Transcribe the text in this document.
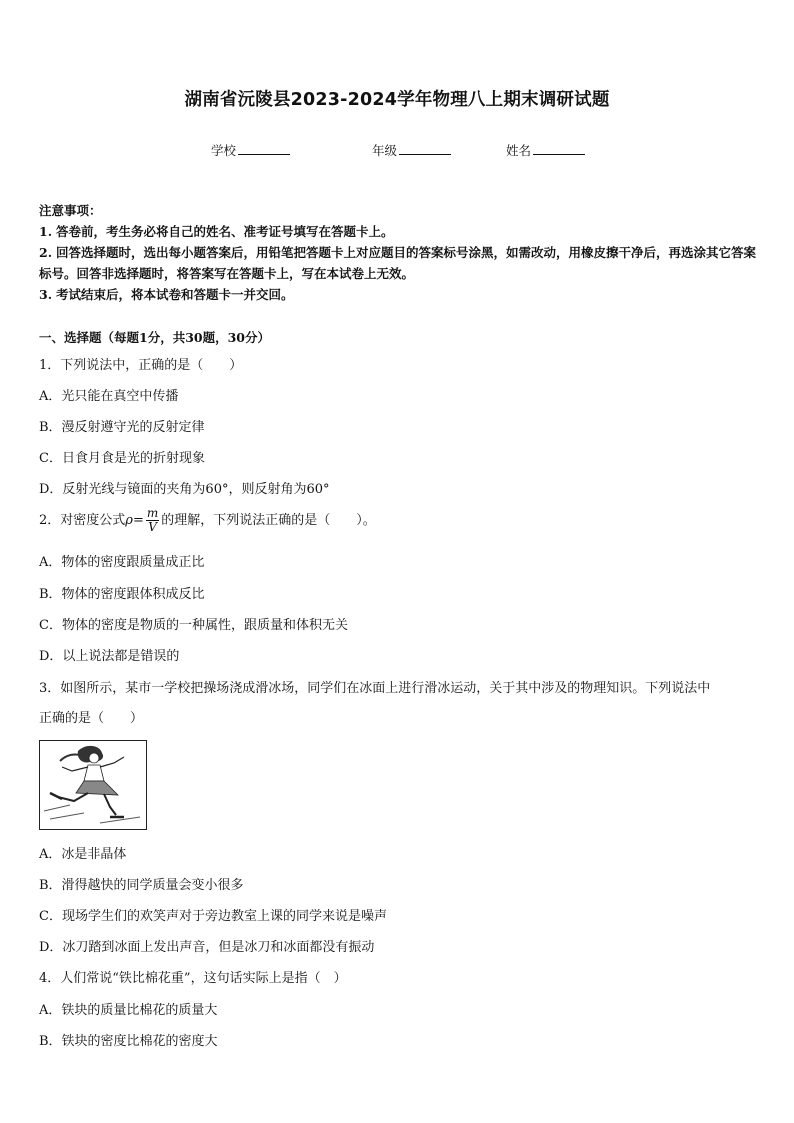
湖南省沅陵县2023-2024学年物理八上期末调研试题
学校	年级	姓名
注意事项：
1. 答卷前，考生务必将自己的姓名、准考证号填写在答题卡上。
2. 回答选择题时，选出每小题答案后，用铅笔把答题卡上对应题目的答案标号涂黑，如需改动，用橡皮擦干净后，再选涂其它答案标号。回答非选择题时，将答案写在答题卡上，写在本试卷上无效。
3. 考试结束后，将本试卷和答题卡一并交回。
一、选择题（每题1分，共30题，30分）
1．下列说法中，正确的是（　　）
A．光只能在真空中传播
B．漫反射遵守光的反射定律
C．日食月食是光的折射现象
D．反射光线与镜面的夹角为60°，则反射角为60°
2．对密度公式$\rho= \frac{m}{V}$ 的理解，下列说法正确的是（　　）。
A．物体的密度跟质量成正比
B．物体的密度跟体积成反比
C．物体的密度是物质的一种属性，跟质量和体积无关
D．以上说法都是错误的
3．如图所示，某市一学校把操场浇成滑冰场，同学们在冰面上进行滑冰运动，关于其中涉及的物理知识。下列说法中
正确的是（　　）
A．冰是非晶体
B．滑得越快的同学质量会变小很多
C．现场学生们的欢笑声对于旁边教室上课的同学来说是噪声
D．冰刀踏到冰面上发出声音，但是冰刀和冰面都没有振动
4．人们常说“铁比棉花重”，这句话实际上是指（　）
A．铁块的质量比棉花的质量大
B．铁块的密度比棉花的密度大
